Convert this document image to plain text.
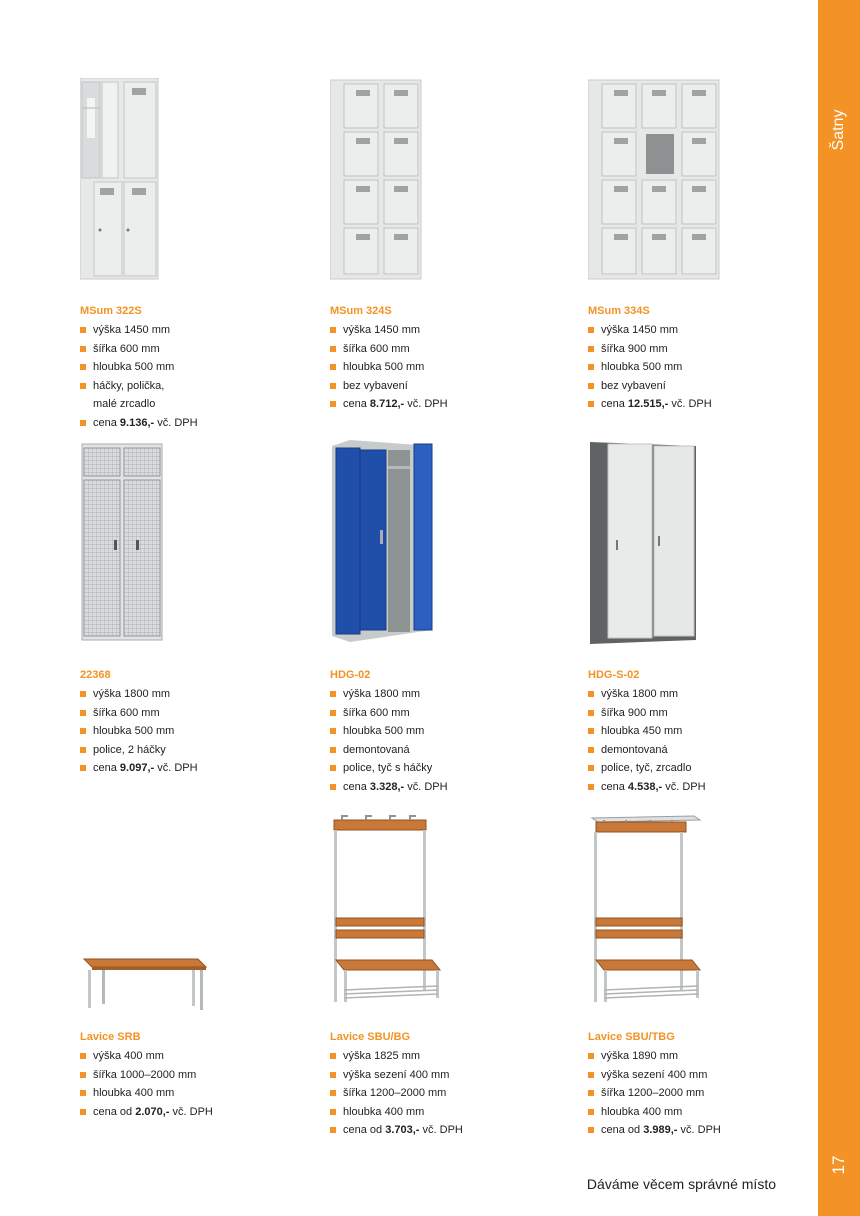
Šatny
17
Dáváme věcem správné místo
MSum 322S
výška 1450 mm
šířka 600 mm
hloubka 500 mm
háčky, polička,
malé zrcadlo
cena 9.136,- vč. DPH
MSum 324S
výška 1450 mm
šířka 600 mm
hloubka 500 mm
bez vybavení
cena 8.712,- vč. DPH
MSum 334S
výška 1450 mm
šířka 900 mm
hloubka 500 mm
bez vybavení
cena 12.515,- vč. DPH
22368
výška 1800 mm
šířka 600 mm
hloubka 500 mm
police, 2 háčky
cena 9.097,- vč. DPH
HDG-02
výška 1800 mm
šířka 600 mm
hloubka 500 mm
demontovaná
police, tyč s háčky
cena 3.328,- vč. DPH
HDG-S-02
výška 1800 mm
šířka 900 mm
hloubka 450 mm
demontovaná
police, tyč, zrcadlo
cena 4.538,- vč. DPH
Lavice SRB
výška 400 mm
šířka 1000–2000 mm
hloubka 400 mm
cena od 2.070,- vč. DPH
Lavice SBU/BG
výška 1825 mm
výška sezení 400 mm
šířka 1200–2000 mm
hloubka 400 mm
cena od 3.703,- vč. DPH
Lavice SBU/TBG
výška 1890 mm
výška sezení 400 mm
šířka 1200–2000 mm
hloubka 400 mm
cena od 3.989,- vč. DPH
